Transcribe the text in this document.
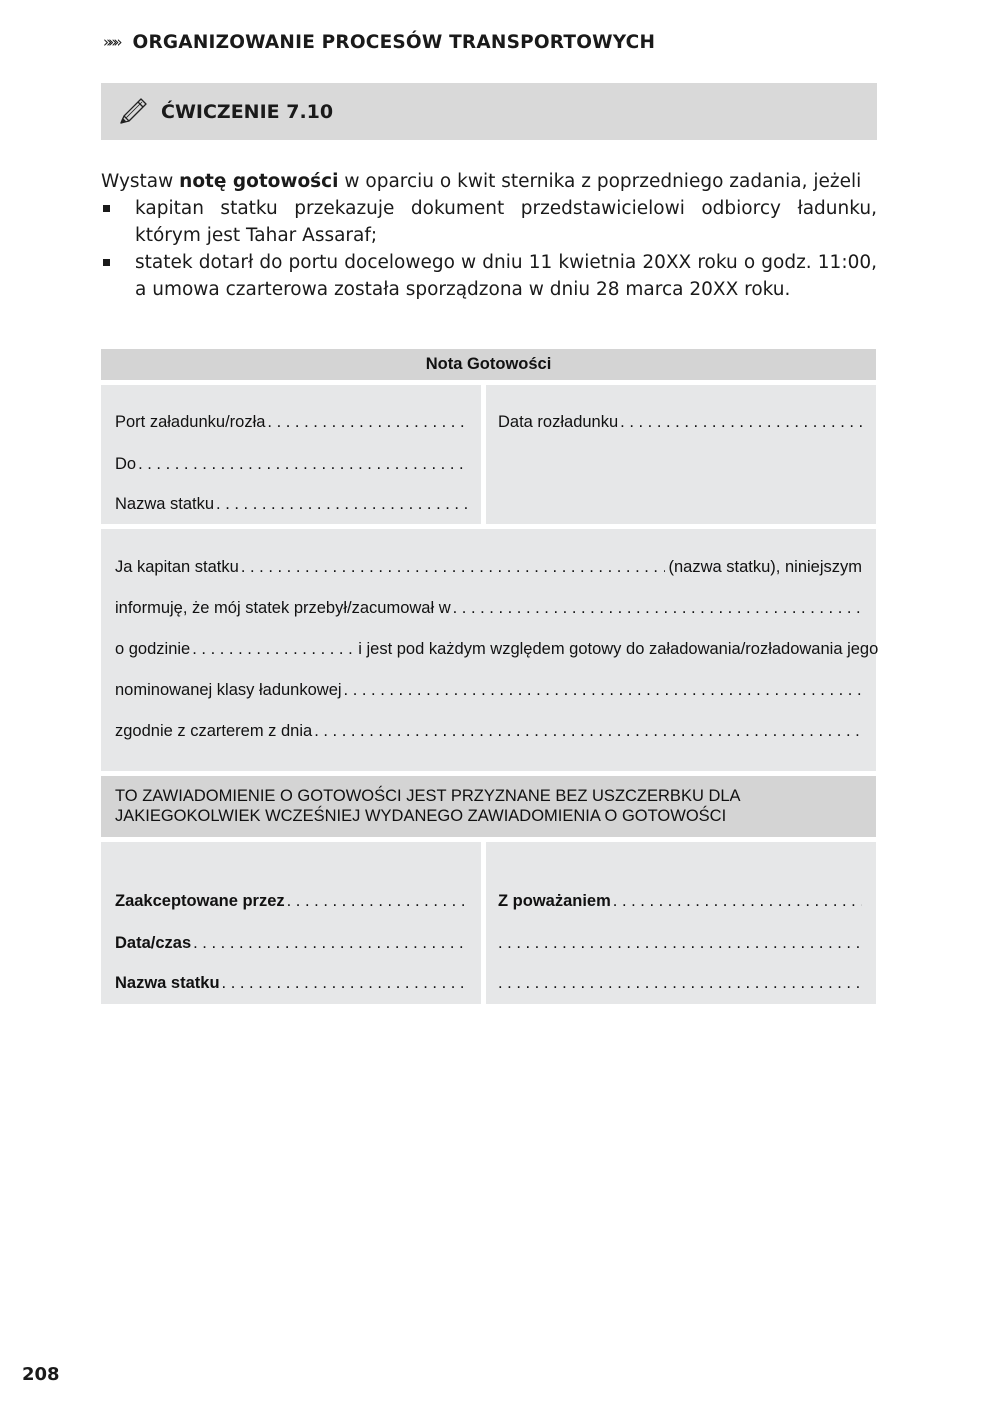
»»» ORGANIZOWANIE PROCESÓW TRANSPORTOWYCH
ĆWICZENIE 7.10

Wystaw notę gotowości w oparciu o kwit sternika z poprzedniego zadania, jeżeli

kapitan statku przekazuje dokument przedstawicielowi odbiorcy ładunku, którym jest Tahar Assaraf;
statek dotarł do portu docelowego w dniu 11 kwietnia 20XX roku o godz. 11:00, a umowa czarterowa została sporządzona w dniu 28 marca 20XX roku.
Nota Gotowości
Port załadunku/rozła
. . .
Do
. . .
Nazwa statku
. . .
Data rozładunku
. . .
Ja kapitan statku . . .	(nazwa statku), niniejszym
informuję, że mój statek przebył/zacumował w
. . .
o godzinie . . .	i jest pod każdym względem gotowy do załadowania/rozładowania jego
nominowanej klasy ładunkowej
. . .
zgodnie z czarterem z dnia
. . .
TO ZAWIADOMIENIE O GOTOWOŚCI JEST PRZYZNANE BEZ USZCZERBKU DLA JAKIEGOKOLWIEK WCZEŚNIEJ WYDANEGO ZAWIADOMIENIA O GOTOWOŚCI
Zaakceptowane przez
. . .
Data/czas
. . .
Nazwa statku
. . .
Z poważaniem
. . .
. . .
. . .
208
